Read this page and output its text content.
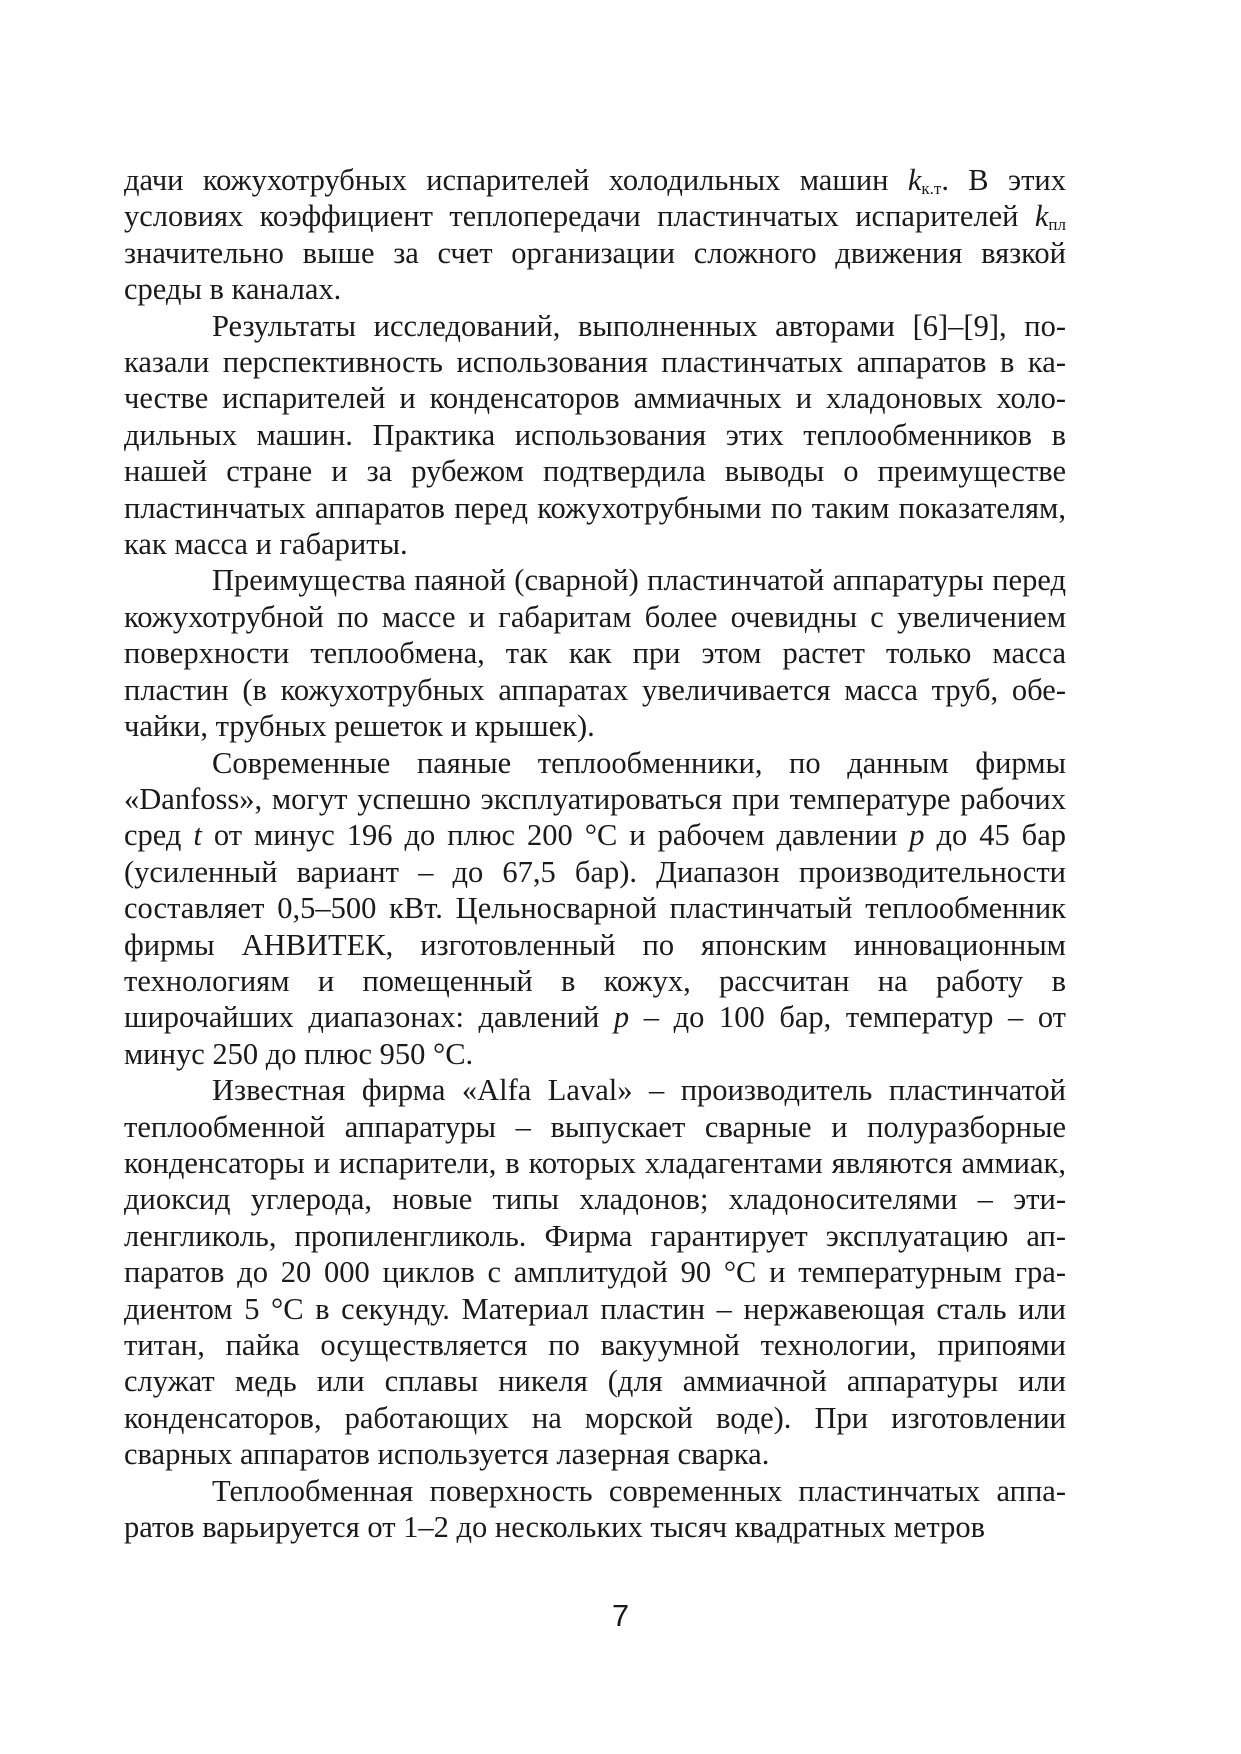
дачи кожухотрубных испарителей холодильных машин $k_{к.т}$. В этих условиях коэффициент теплопередачи пластинчатых испарителей $k_{пл}$ значительно выше за счет организации сложного движения вязкой среды в каналах.

Результаты исследований, выполненных авторами [6]–[9], показали перспективность использования пластинчатых аппаратов в качестве испарителей и конденсаторов аммиачных и хладоновых холодильных машин. Практика использования этих теплообменников в нашей стране и за рубежом подтвердила выводы о преимуществе пластинчатых аппаратов перед кожухотрубными по таким показателям, как масса и габариты.

Преимущества паяной (сварной) пластинчатой аппаратуры перед кожухотрубной по массе и габаритам более очевидны с увеличением поверхности теплообмена, так как при этом растет только масса пластин (в кожухотрубных аппаратах увеличивается масса труб, обечайки, трубных решеток и крышек).

Современные паяные теплообменники, по данным фирмы «Danfoss», могут успешно эксплуатироваться при температуре рабочих сред t от минус 196 до плюс 200 °С и рабочем давлении p до 45 бар (усиленный вариант – до 67,5 бар). Диапазон производительности составляет 0,5–500 кВт. Цельносварной пластинчатый теплообменник фирмы АНВИТЕК, изготовленный по японским инновационным технологиям и помещенный в кожух, рассчитан на работу в широчайших диапазонах: давлений p – до 100 бар, температур – от минус 250 до плюс 950 °С.

Известная фирма «Alfa Laval» – производитель пластинчатой теплообменной аппаратуры – выпускает сварные и полуразборные конденсаторы и испарители, в которых хладагентами являются аммиак, диоксид углерода, новые типы хладонов; хладоносителями – этиленгликоль, пропиленгликоль. Фирма гарантирует эксплуатацию аппаратов до 20 000 циклов с амплитудой 90 °С и температурным градиентом 5 °С в секунду. Материал пластин – нержавеющая сталь или титан, пайка осуществляется по вакуумной технологии, припоями служат медь или сплавы никеля (для аммиачной аппаратуры или конденсаторов, работающих на морской воде). При изготовлении сварных аппаратов используется лазерная сварка.

Теплообменная поверхность современных пластинчатых аппаратов варьируется от 1–2 до нескольких тысяч квадратных метров

7
